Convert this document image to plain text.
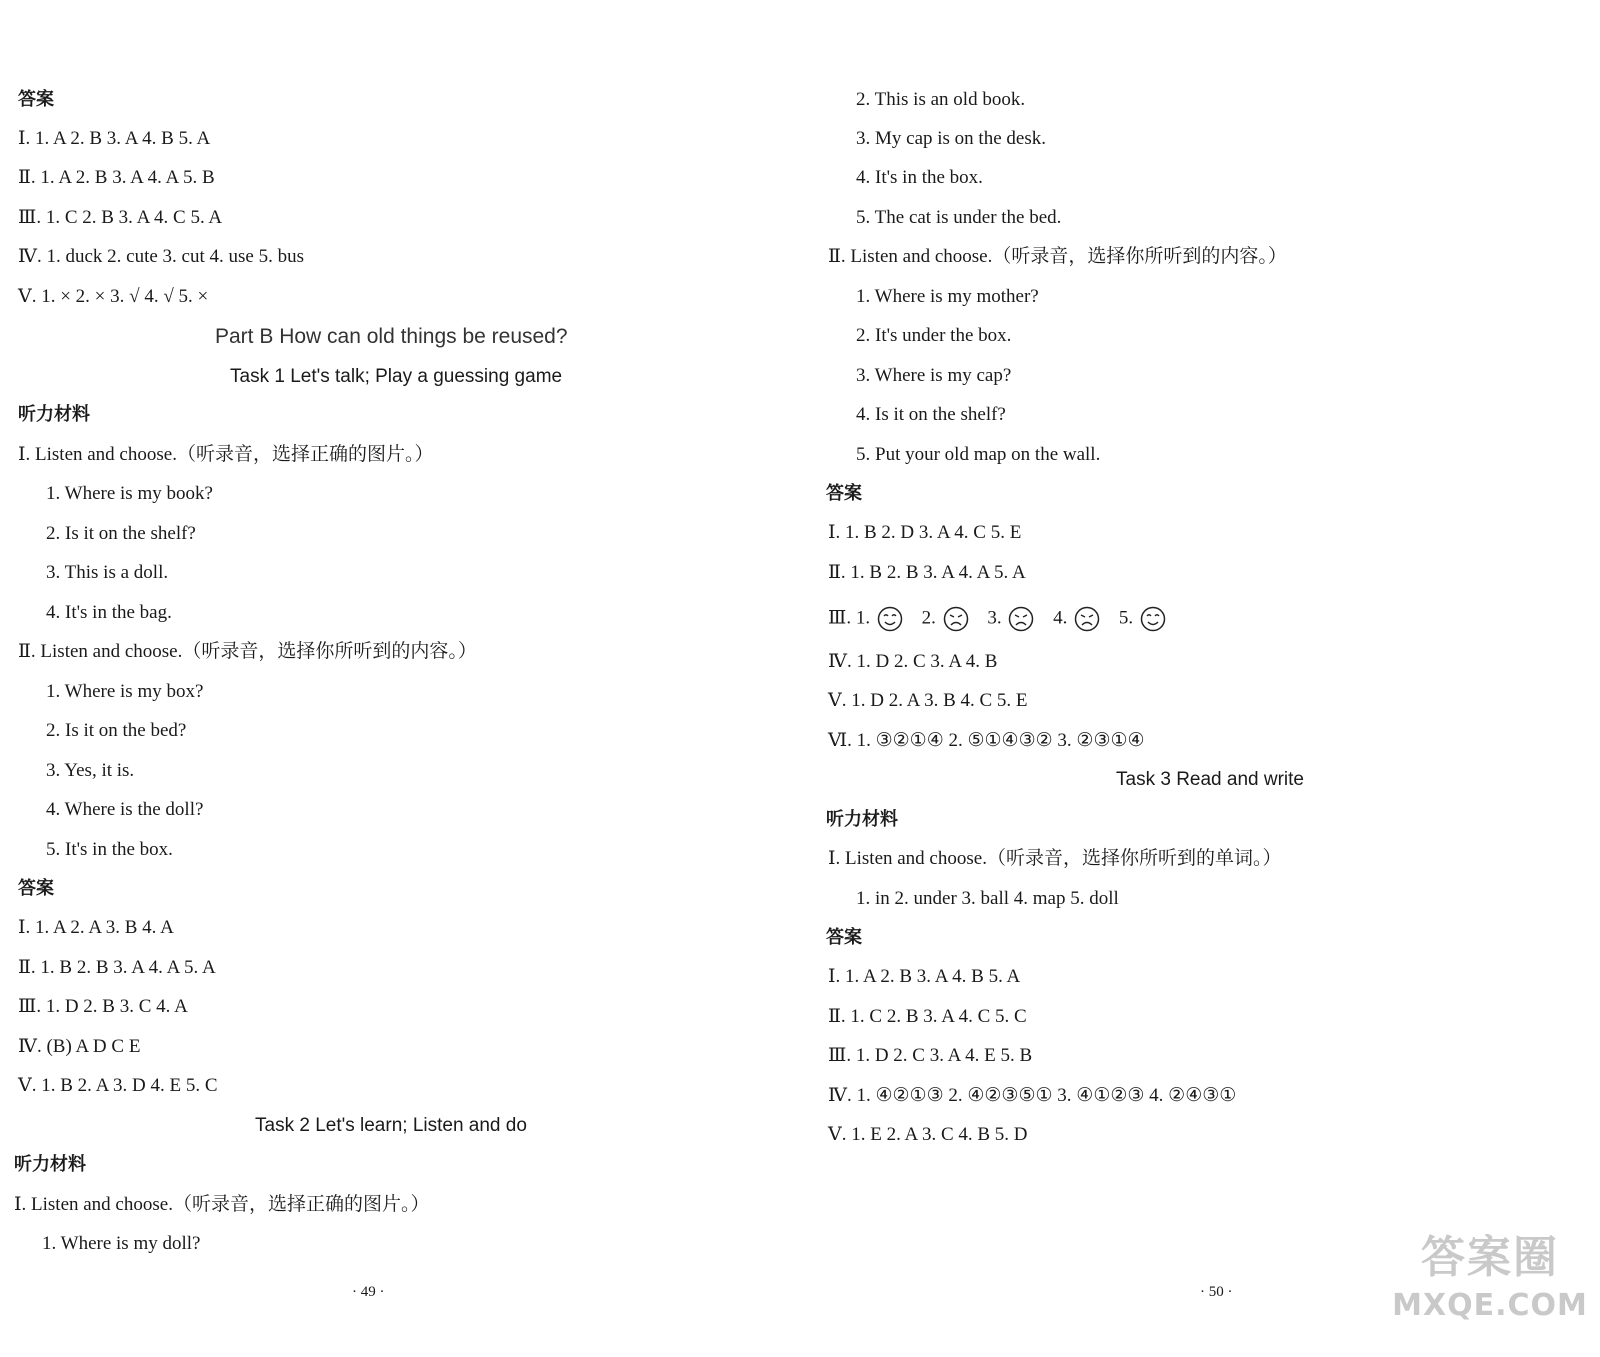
答案
Ⅰ. 1. A 2. B 3. A 4. B 5. A
Ⅱ. 1. A 2. B 3. A 4. A 5. B
Ⅲ. 1. C 2. B 3. A 4. C 5. A
Ⅳ. 1. duck 2. cute 3. cut 4. use 5. bus
Ⅴ. 1. × 2. × 3. √ 4. √ 5. ×
Part B How can old things be reused?
Task 1 Let's talk; Play a guessing game
听力材料
Ⅰ. Listen and choose.（听录音，选择正确的图片。）
1. Where is my book?
2. Is it on the shelf?
3. This is a doll.
4. It's in the bag.
Ⅱ. Listen and choose.（听录音，选择你所听到的内容。）
1. Where is my box?
2. Is it on the bed?
3. Yes, it is.
4. Where is the doll?
5. It's in the box.
答案
Ⅰ. 1. A 2. A 3. B 4. A
Ⅱ. 1. B 2. B 3. A 4. A 5. A
Ⅲ. 1. D 2. B 3. C 4. A
Ⅳ. (B) A D C E
Ⅴ. 1. B 2. A 3. D 4. E 5. C
Task 2 Let's learn; Listen and do
听力材料
Ⅰ. Listen and choose.（听录音，选择正确的图片。）
1. Where is my doll?
· 49 ·
2. This is an old book.
3. My cap is on the desk.
4. It's in the box.
5. The cat is under the bed.
Ⅱ. Listen and choose.（听录音，选择你所听到的内容。）
1. Where is my mother?
2. It's under the box.
3. Where is my cap?
4. Is it on the shelf?
5. Put your old map on the wall.
答案
Ⅰ. 1. B 2. D 3. A 4. C 5. E
Ⅱ. 1. B 2. B 3. A 4. A 5. A
Ⅲ. 1.	2.	3.	4.	5.
Ⅳ. 1. D 2. C 3. A 4. B
Ⅴ. 1. D 2. A 3. B 4. C 5. E
Ⅵ. 1. ③②①④ 2. ⑤①④③② 3. ②③①④
Task 3 Read and write
听力材料
Ⅰ. Listen and choose.（听录音，选择你所听到的单词。）
1. in 2. under 3. ball 4. map 5. doll
答案
Ⅰ. 1. A 2. B 3. A 4. B 5. A
Ⅱ. 1. C 2. B 3. A 4. C 5. C
Ⅲ. 1. D 2. C 3. A 4. E 5. B
Ⅳ. 1. ④②①③ 2. ④②③⑤① 3. ④①②③ 4. ②④③①
Ⅴ. 1. E 2. A 3. C 4. B 5. D
· 50 ·
答案圈
MXQE.COM
